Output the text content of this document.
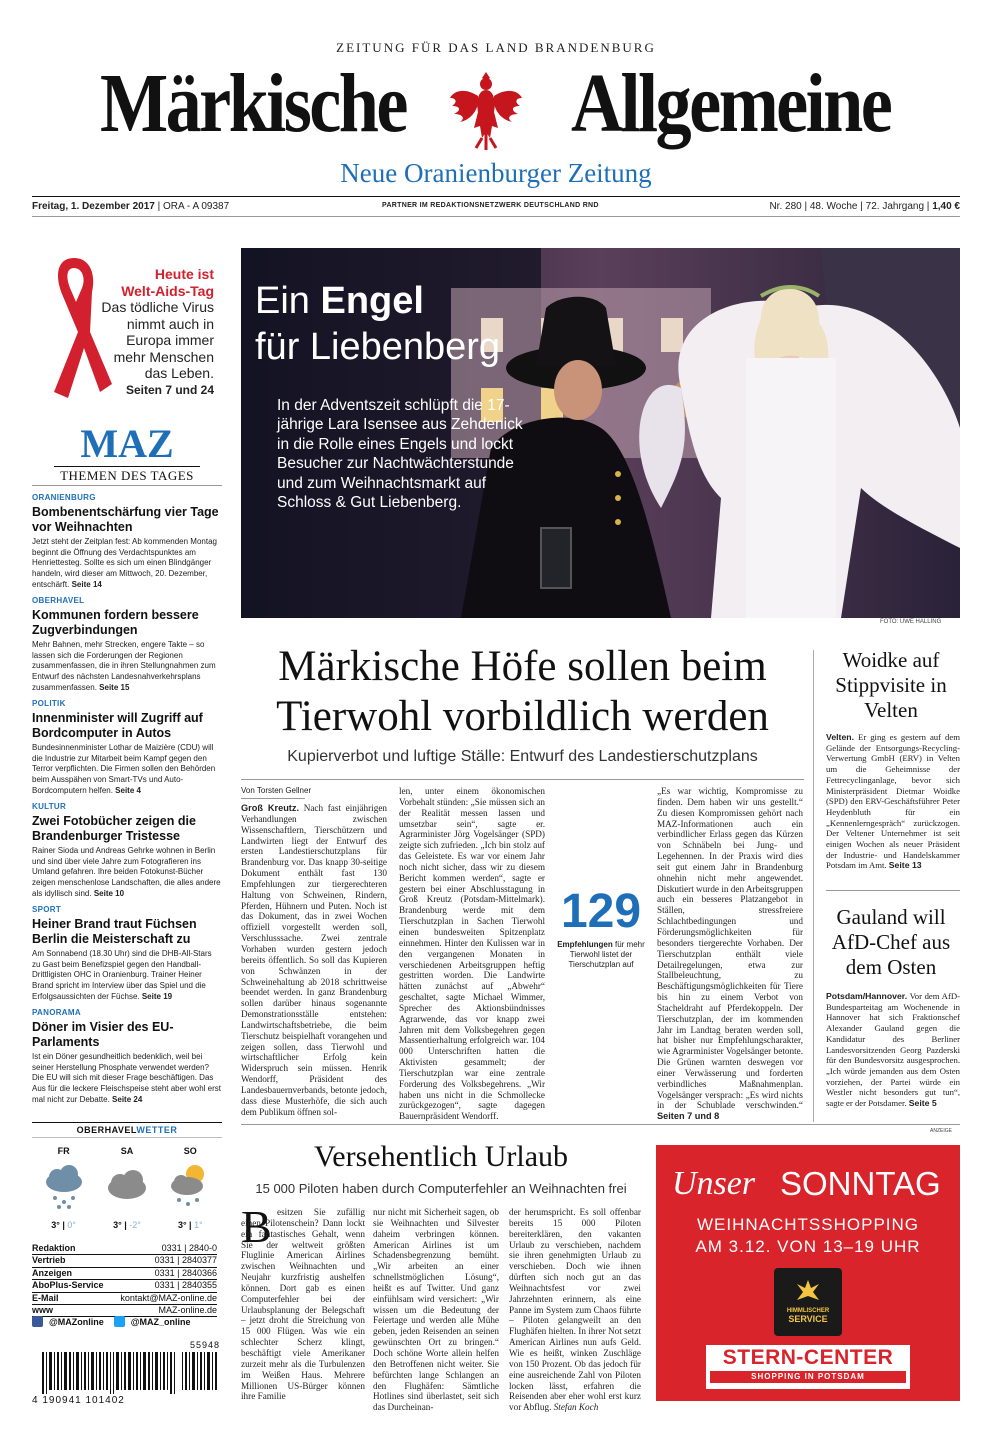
ZEITUNG FÜR DAS LAND BRANDENBURG
Märkische Allgemeine
Neue Oranienburger Zeitung
Freitag, 1. Dezember 2017 | ORA - A 09387	PARTNER IM REDAKTIONSNETZWERK DEUTSCHLAND RND	Nr. 280 | 48. Woche | 72. Jahrgang | 1,40 €
Heute ist
Welt-Aids-Tag
Das tödliche Virus nimmt auch in Europa immer mehr Menschen das Leben.
Seiten 7 und 24
MAZ
THEMEN DES TAGES
ORANIENBURG
Bombenentschärfung vier Tage vor Weihnachten
Jetzt steht der Zeitplan fest: Ab kommenden Montag beginnt die Öffnung des Verdachtspunktes am Henriettesteg. Sollte es sich um einen Blindgänger handeln, wird dieser am Mittwoch, 20. Dezember, entschärft. Seite 14
OBERHAVEL
Kommunen fordern bessere Zugverbindungen
Mehr Bahnen, mehr Strecken, engere Takte – so lassen sich die Forderungen der Regionen zusammenfassen, die in ihren Stellungnahmen zum Entwurf des nächsten Landesnahverkehrsplans zusammenfassen. Seite 15
POLITIK
Innenminister will Zugriff auf Bordcomputer in Autos
Bundesinnenminister Lothar de Maizière (CDU) will die Industrie zur Mitarbeit beim Kampf gegen den Terror verpflichten. Die Firmen sollen den Behörden beim Ausspähen von Smart-TVs und Auto-Bordcomputern helfen. Seite 4
KULTUR
Zwei Fotobücher zeigen die Brandenburger Tristesse
Rainer Sioda und Andreas Gehrke wohnen in Berlin und sind über viele Jahre zum Fotografieren ins Umland gefahren. Ihre beiden Fotokunst-Bücher zeigen menschenlose Landschaften, die alles andere als idyllisch sind. Seite 10
SPORT
Heiner Brand traut Füchsen Berlin die Meisterschaft zu
Am Sonnabend (18.30 Uhr) sind die DHB-All-Stars zu Gast beim Benefizspiel gegen den Handball-Drittligisten OHC in Oranienburg. Trainer Heiner Brand spricht im Interview über das Spiel und die Erfolgsaussichten der Füchse. Seite 19
PANORAMA
Döner im Visier des EU-Parlaments
Ist ein Döner gesundheitlich bedenklich, weil bei seiner Herstellung Phosphate verwendet werden? Die EU will sich mit dieser Frage beschäftigen. Das Aus für die leckere Fleischspeise steht aber wohl erst mal nicht zur Debatte. Seite 24
OBERHAVELWETTER
FR
3° | 0°
SA
3° | -2°
SO
3° | 1°
Redaktion	0331 | 2840-0
Vertrieb	0331 | 2840377
Anzeigen	0331 | 2840366
AboPlus-Service	0331 | 2840355
E-Mail	kontakt@MAZ-online.de
www	MAZ-online.de
@MAZonline	@MAZ_online
55948
4 190941 101402
Ein Engel
für Liebenberg
In der Adventszeit schlüpft die 17-jährige Lara Isensee aus Zehdenick in die Rolle eines Engels und lockt Besucher zur Nachtwächterstunde und zum Weihnachtsmarkt auf Schloss & Gut Liebenberg.
FOTO: UWE HALLING
Märkische Höfe sollen beim
Tierwohl vorbildlich werden
Kupierverbot und luftige Ställe: Entwurf des Landestierschutzplans
Von Torsten Gellner
Groß Kreutz. Nach fast einjährigen Verhandlungen zwischen Wissenschaftlern, Tierschützern und Landwirten liegt der Entwurf des ersten Landestierschutzplans für Brandenburg vor. Das knapp 30-seitige Dokument enthält fast 130 Empfehlungen zur tiergerechteren Haltung von Schweinen, Rindern, Pferden, Hühnern und Puten. Noch ist das Dokument, das in zwei Wochen offiziell vorgestellt werden soll, Verschlusssache. Zwei zentrale Vorhaben wurden gestern jedoch bereits öffentlich. So soll das Kupieren von Schwänzen in der Schweinehaltung ab 2018 schrittweise beendet werden. In ganz Brandenburg sollen darüber hinaus sogenannte Demonstrationsställe entstehen: Landwirtschaftsbetriebe, die beim Tierschutz beispielhaft vorangehen und zeigen sollen, dass Tierwohl und wirtschaftlicher Erfolg kein Widerspruch sein müssen. Henrik Wendorff, Präsident des Landesbauernverbands, betonte jedoch, dass diese Musterhöfe, die sich auch dem Publikum öffnen sol-
len, unter einem ökonomischen Vorbehalt stünden: „Sie müssen sich an der Realität messen lassen und umsetzbar sein“, sagte er. Agrarminister Jörg Vogelsänger (SPD) zeigte sich zufrieden. „Ich bin stolz auf das Geleistete. Es war vor einem Jahr noch nicht sicher, dass wir zu diesem Bericht kommen werden“, sagte er gestern bei einer Abschlusstagung in Groß Kreutz (Potsdam-Mittelmark). Brandenburg werde mit dem Tierschutzplan in Sachen Tierwohl einen bundesweiten Spitzenplatz einnehmen. Hinter den Kulissen war in den vergangenen Monaten in verschiedenen Arbeitsgruppen heftig gestritten worden. Die Landwirte hätten zunächst auf „Abwehr“ geschaltet, sagte Michael Wimmer, Sprecher des Aktionsbündnisses Agrarwende, das vor knapp zwei Jahren mit dem Volksbegehren gegen Massentierhaltung erfolgreich war. 104 000 Unterschriften hatten die Aktivisten gesammelt; der Tierschutzplan war eine zentrale Forderung des Volksbegehrens. „Wir haben uns nicht in die Schmollecke zurückgezogen“, sagte dagegen Bauernpräsident Wendorff.
129
Empfehlungen für mehr Tierwohl listet der Tierschutzplan auf
„Es war wichtig, Kompromisse zu finden. Dem haben wir uns gestellt.“ Zu diesen Kompromissen gehört nach MAZ-Informationen auch ein verbindlicher Erlass gegen das Kürzen von Schnäbeln bei Jung- und Legehennen. In der Praxis wird dies seit gut einem Jahr in Brandenburg ohnehin nicht mehr angewendet. Diskutiert wurde in den Arbeitsgruppen auch ein besseres Platzangebot in Ställen, stressfreiere Schlachtbedingungen und Förderungsmöglichkeiten für besonders tiergerechte Vorhaben. Der Tierschutzplan enthält viele Detailregelungen, etwa zur Stallbeleuchtung, zu Beschäftigungsmöglichkeiten für Tiere bis hin zu einem Verbot von Stacheldraht auf Pferdekoppeln. Der Tierschutzplan, der im kommenden Jahr im Landtag beraten werden soll, hat bisher nur Empfehlungscharakter, wie Agrarminister Vogelsänger betonte. Die Grünen warnten deswegen vor einer Verwässerung und forderten verbindliches Maßnahmenplan. Vogelsänger versprach: „Es wird nichts in der Schublade verschwinden.“ Seiten 7 und 8
Woidke auf Stippvisite in Velten
Velten. Er ging es gestern auf dem Gelände der Entsorgungs-Recycling-Verwertung GmbH (ERV) in Velten um die Geheimnisse der Fettrecyclinganlage, bevor sich Ministerpräsident Dietmar Woidke (SPD) den ERV-Geschäftsführer Peter Heydenbluth für ein „Kennenlerngespräch“ zurückzogen. Der Veltener Unternehmer ist seit einigen Wochen als neuer Präsident der Industrie- und Handelskammer Potsdam im Amt. Seite 13
Gauland will AfD-Chef aus dem Osten
Potsdam/Hannover. Vor dem AfD-Bundesparteitag am Wochenende in Hannover hat sich Fraktionschef Alexander Gauland gegen die Kandidatur des Berliner Landesvorsitzenden Georg Pazderski für den Bundesvorsitz ausgesprochen. „Ich würde jemanden aus dem Osten vorziehen, der Partei würde ein Westler nicht besonders gut tun“, sagte er der Potsdamer. Seite 5
ANZEIGE
Versehentlich Urlaub
15 000 Piloten haben durch Computerfehler an Weihnachten frei
B esitzen Sie zufällig einen Pilotenschein? Dann lockt ein fantastisches Gehalt, wenn Sie der weltweit größten Fluglinie American Airlines zwischen Weihnachten und Neujahr kurzfristig aushelfen können. Dort gab es einen Computerfehler bei der Urlaubsplanung der Belegschaft – jetzt droht die Streichung von 15 000 Flügen. Was wie ein schlechter Scherz klingt, beschäftigt viele Amerikaner zurzeit mehr als die Turbulenzen im Weißen Haus. Mehrere Millionen US-Bürger können ihre Familie
nur nicht mit Sicherheit sagen, ob sie Weihnachten und Silvester daheim verbringen können. American Airlines ist um Schadensbegrenzung bemüht. „Wir arbeiten an einer schnellstmöglichen Lösung“, heißt es auf Twitter. Und ganz einfühlsam wird versichert: „Wir wissen um die Bedeutung der Feiertage und werden alle Mühe geben, jeden Reisenden an seinen gewünschten Ort zu bringen.“ Doch schöne Worte allein helfen den Betroffenen nicht weiter. Sie befürchten lange Schlangen an den Flughäfen: Sämtliche Hotlines sind überlastet, seit sich das Durcheinan-
der herumspricht. Es soll offenbar bereits 15 000 Piloten bereiterklären, den vakanten Urlaub zu verschieben, nachdem sie ihren genehmigten Urlaub zu verschieben. Doch wie ihnen dürften sich noch gut an das Weihnachtsfest vor zwei Jahrzehnten erinnern, als eine Panne im System zum Chaos führte – Piloten gelangweilt an den Flughäfen hielten. In ihrer Not setzt American Airlines nun aufs Geld. Wie es heißt, winken Zuschläge von 150 Prozent. Ob das jedoch für eine ausreichende Zahl von Piloten locken lässt, erfahren die Reisenden aber eher wohl erst kurz vor Abflug. Stefan Koch
Unser SONNTAG
WEIHNACHTSSHOPPING
AM 3.12. VON 13–19 UHR
HIMMLISCHER
SERVICE
STERN-CENTER
SHOPPING IN POTSDAM
